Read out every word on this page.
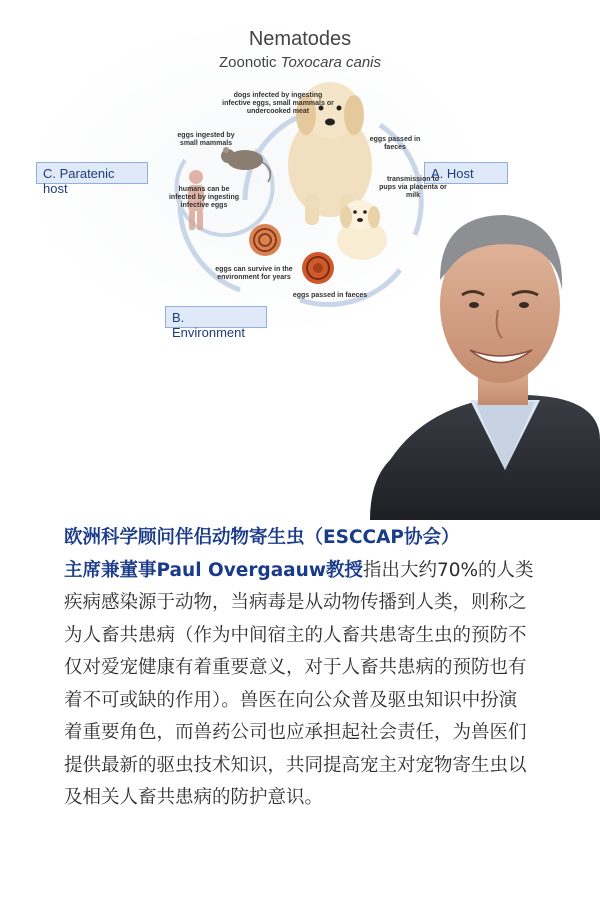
Nematodes
Zoonotic Toxocara canis
C. Paratenic host
A. Host
B. Environment
dogs infected by ingesting infective eggs, small mammals or undercooked meat
eggs ingested by small mammals
eggs passed in faeces
humans can be infected by ingesting infective eggs
transmission to pups via placenta or milk
eggs can survive in the environment for years
eggs passed in faeces
欧洲科学顾问伴侣动物寄生虫（ESCCAP协会）
主席兼董事Paul Overgaauw教授指出大约70%的人类疾病感染源于动物，当病毒是从动物传播到人类，则称之为人畜共患病（作为中间宿主的人畜共患寄生虫的预防不仅对爱宠健康有着重要意义，对于人畜共患病的预防也有着不可或缺的作用）。兽医在向公众普及驱虫知识中扮演着重要角色，而兽药公司也应承担起社会责任，为兽医们提供最新的驱虫技术知识，共同提高宠主对宠物寄生虫以及相关人畜共患病的防护意识。
